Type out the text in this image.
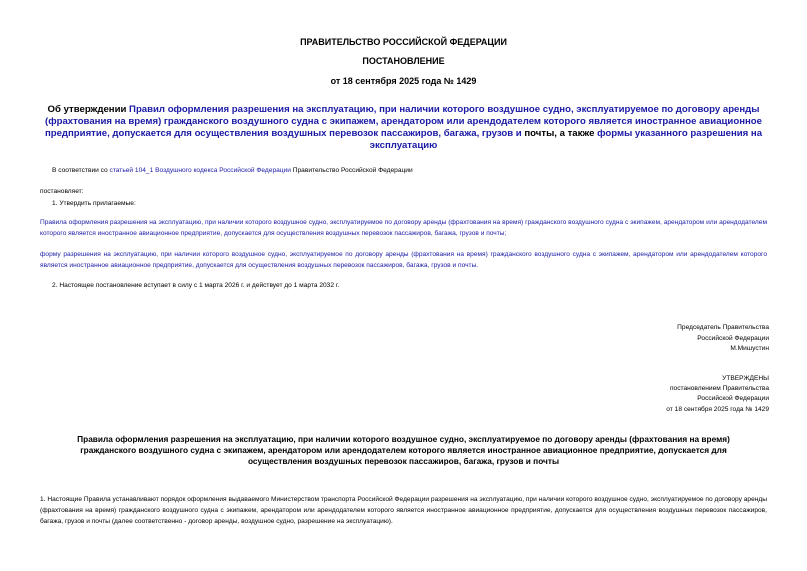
ПРАВИТЕЛЬСТВО РОССИЙСКОЙ ФЕДЕРАЦИИ
ПОСТАНОВЛЕНИЕ
от 18 сентября 2025 года № 1429
Об утверждении Правил оформления разрешения на эксплуатацию, при наличии которого воздушное судно, эксплуатируемое по договору аренды (фрахтования на время) гражданского воздушного судна с экипажем, арендатором или арендодателем которого является иностранное авиационное предприятие, допускается для осуществления воздушных перевозок пассажиров, багажа, грузов и почты, а также формы указанного разрешения на эксплуатацию
В соответствии со статьей 104_1 Воздушного кодекса Российской Федерации Правительство Российской Федерации
постановляет:
1. Утвердить прилагаемые:
Правила оформления разрешения на эксплуатацию, при наличии которого воздушное судно, эксплуатируемое по договору аренды (фрахтования на время) гражданского воздушного судна с экипажем, арендатором или арендодателем которого является иностранное авиационное предприятие, допускается для осуществления воздушных перевозок пассажиров, багажа, грузов и почты;
форму разрешения на эксплуатацию, при наличии которого воздушное судно, эксплуатируемое по договору аренды (фрахтования на время) гражданского воздушного судна с экипажем, арендатором или арендодателем которого является иностранное авиационное предприятие, допускается для осуществления воздушных перевозок пассажиров, багажа, грузов и почты.
2. Настоящее постановление вступает в силу с 1 марта 2026 г. и действует до 1 марта 2032 г.
Председатель Правительства
Российской Федерации
М.Мишустин
УТВЕРЖДЕНЫ
постановлением Правительства
Российской Федерации
от 18 сентября 2025 года № 1429
Правила оформления разрешения на эксплуатацию, при наличии которого воздушное судно, эксплуатируемое по договору аренды (фрахтования на время) гражданского воздушного судна с экипажем, арендатором или арендодателем которого является иностранное авиационное предприятие, допускается для осуществления воздушных перевозок пассажиров, багажа, грузов и почты
1. Настоящие Правила устанавливают порядок оформления выдаваемого Министерством транспорта Российской Федерации разрешения на эксплуатацию, при наличии которого воздушное судно, эксплуатируемое по договору аренды (фрахтования на время) гражданского воздушного судна с экипажем, арендатором или арендодателем которого является иностранное авиационное предприятие, допускается для осуществления воздушных перевозок пассажиров, багажа, грузов и почты (далее соответственно - договор аренды, воздушное судно, разрешение на эксплуатацию).
